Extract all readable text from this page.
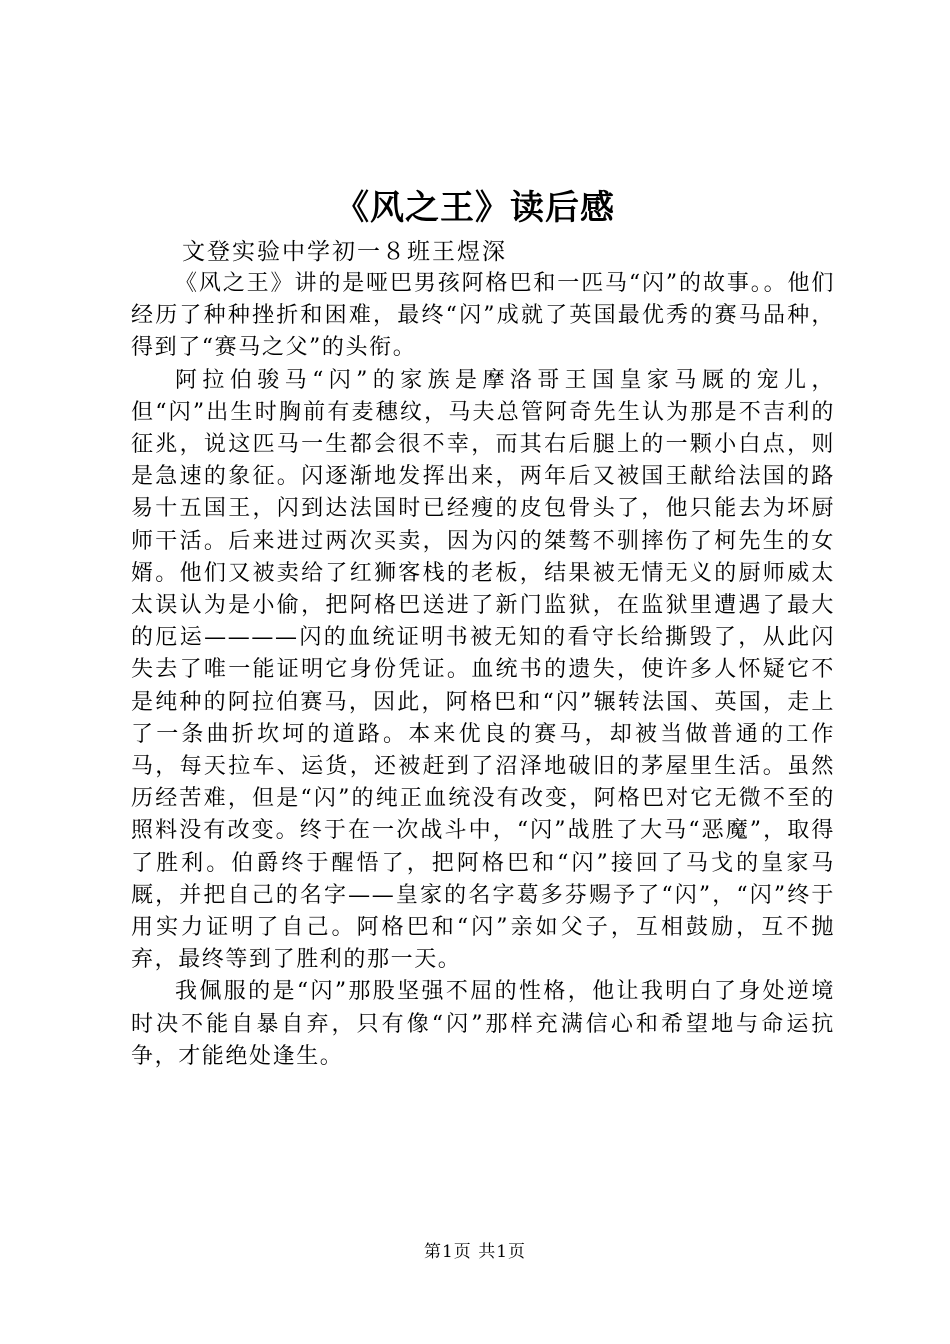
《风之王》读后感
文登实验中学初一８班王煜深

《风之王》讲的是哑巴男孩阿格巴和一匹马“闪”的故事。。他们经历了种种挫折和困难，最终“闪”成就了英国最优秀的赛马品种，得到了“赛马之父”的头衔。

阿拉伯骏马“闪”的家族是摩洛哥王国皇家马厩的宠儿，但“闪”出生时胸前有麦穗纹，马夫总管阿奇先生认为那是不吉利的征兆，说这匹马一生都会很不幸，而其右后腿上的一颗小白点，则是急速的象征。闪逐渐地发挥出来，两年后又被国王献给法国的路易十五国王，闪到达法国时已经瘦的皮包骨头了，他只能去为坏厨师干活。后来进过两次买卖，因为闪的桀骜不驯摔伤了柯先生的女婿。他们又被卖给了红狮客栈的老板，结果被无情无义的厨师威太太误认为是小偷，把阿格巴送进了新门监狱，在监狱里遭遇了最大的厄运————闪的血统证明书被无知的看守长给撕毁了，从此闪失去了唯一能证明它身份凭证。血统书的遗失，使许多人怀疑它不是纯种的阿拉伯赛马，因此，阿格巴和“闪”辗转法国、英国，走上了一条曲折坎坷的道路。本来优良的赛马，却被当做普通的工作马，每天拉车、运货，还被赶到了沼泽地破旧的茅屋里生活。虽然历经苦难，但是“闪”的纯正血统没有改变，阿格巴对它无微不至的照料没有改变。终于在一次战斗中，“闪”战胜了大马“恶魔”，取得了胜利。伯爵终于醒悟了，把阿格巴和“闪”接回了马戈的皇家马厩，并把自己的名字——皇家的名字葛多芬赐予了“闪”，“闪”终于用实力证明了自己。阿格巴和“闪”亲如父子，互相鼓励，互不抛弃，最终等到了胜利的那一天。

我佩服的是“闪”那股坚强不屈的性格，他让我明白了身处逆境时决不能自暴自弃，只有像“闪”那样充满信心和希望地与命运抗争，才能绝处逢生。

第1页 共1页
